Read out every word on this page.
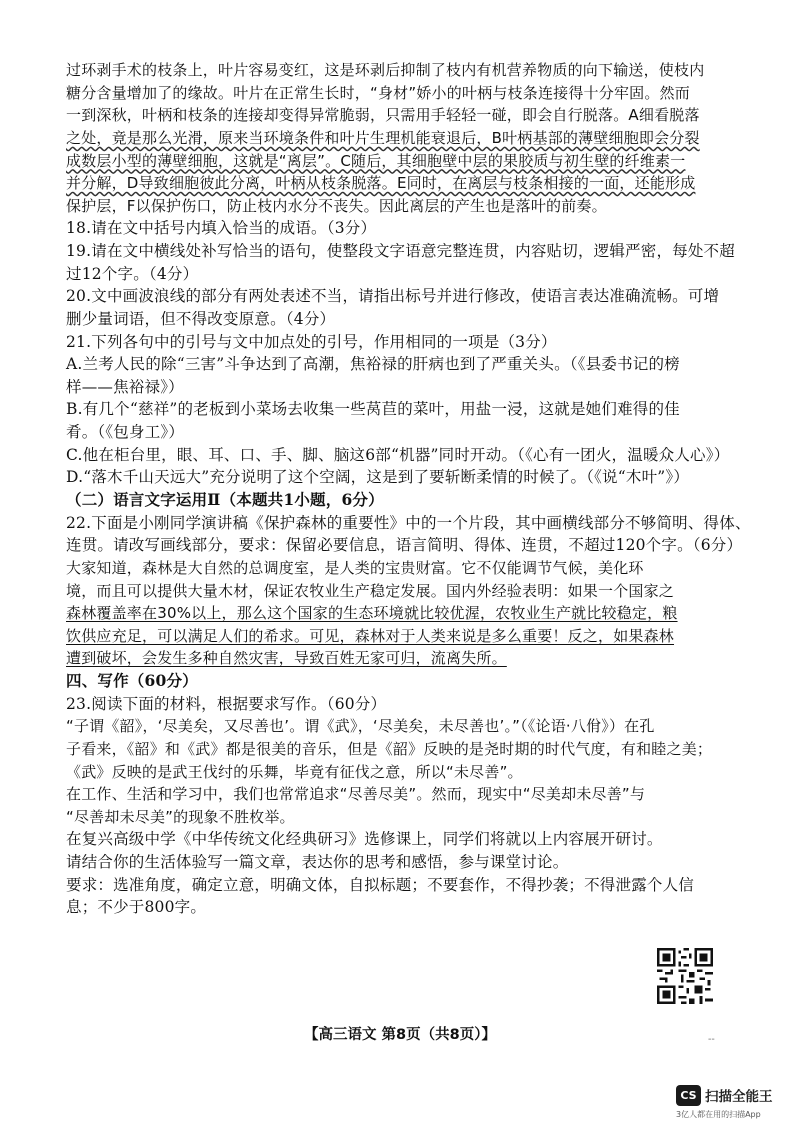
过环剥手术的枝条上，叶片容易变红，这是环剥后抑制了枝内有机营养物质的向下输送，使枝内
糖分含量增加了的缘故。叶片在正常生长时，“身材”娇小的叶柄与枝条连接得十分牢固。然而
一到深秋，叶柄和枝条的连接却变得异常脆弱，只需用手轻轻一碰，即会自行脱落。A细看脱落
之处，竟是那么光滑，原来当环境条件和叶片生理机能衰退后，B叶柄基部的薄壁细胞即会分裂
成数层小型的薄壁细胞，这就是“离层”。C随后，其细胞壁中层的果胶质与初生壁的纤维素一
并分解，D导致细胞彼此分离，叶柄从枝条脱落。E同时，在离层与枝条相接的一面，还能形成
保护层，F以保护伤口，防止枝内水分不丧失。因此离层的产生也是落叶的前奏。
18.请在文中括号内填入恰当的成语。（3分）
19.请在文中横线处补写恰当的语句，使整段文字语意完整连贯，内容贴切，逻辑严密，每处不超
过12个字。（4分）
20.文中画波浪线的部分有两处表述不当，请指出标号并进行修改，使语言表达准确流畅。可增
删少量词语，但不得改变原意。（4分）
21.下列各句中的引号与文中加点处的引号，作用相同的一项是（3分）
A.兰考人民的除“三害”斗争达到了高潮，焦裕禄的肝病也到了严重关头。（《县委书记的榜
样——焦裕禄》）
B.有几个“慈祥”的老板到小菜场去收集一些莴苣的菜叶，用盐一浸，这就是她们难得的佳
肴。（《包身工》）
C.他在柜台里，眼、耳、口、手、脚、脑这6部“机器”同时开动。（《心有一团火，温暖众人心》）
D.“落木千山天远大”充分说明了这个空阔，这是到了要斩断柔情的时候了。（《说“木叶”》）
（二）语言文字运用Ⅱ（本题共1小题，6分）
22.下面是小刚同学演讲稿《保护森林的重要性》中的一个片段，其中画横线部分不够简明、得体、
连贯。请改写画线部分，要求：保留必要信息，语言简明、得体、连贯，不超过120个字。（6分）
大家知道，森林是大自然的总调度室，是人类的宝贵财富。它不仅能调节气候，美化环
境，而且可以提供大量木材，保证农牧业生产稳定发展。国内外经验表明：如果一个国家之
森林覆盖率在30%以上，那么这个国家的生态环境就比较优渥，农牧业生产就比较稳定，粮
饮供应充足，可以满足人们的希求。可见，森林对于人类来说是多么重要！反之，如果森林
遭到破坏，会发生多种自然灾害，导致百姓无家可归，流离失所。
四、写作（60分）
23.阅读下面的材料，根据要求写作。（60分）
“子谓《韶》，‘尽美矣，又尽善也’。谓《武》，‘尽美矣，未尽善也’。”（《论语·八佾》）在孔
子看来，《韶》和《武》都是很美的音乐，但是《韶》反映的是尧时期的时代气度，有和睦之美；
《武》反映的是武王伐纣的乐舞，毕竟有征伐之意，所以“未尽善”。
在工作、生活和学习中，我们也常常追求“尽善尽美”。然而，现实中“尽美却未尽善”与
“尽善却未尽美”的现象不胜枚举。
在复兴高级中学《中华传统文化经典研习》选修课上，同学们将就以上内容展开研讨。
请结合你的生活体验写一篇文章，表达你的思考和感悟，参与课堂讨论。
要求：选准角度，确定立意，明确文体，自拟标题；不要套作，不得抄袭；不得泄露个人信
息；不少于800字。
--
【高三语文 第8页（共8页）】
CS 扫描全能王
3亿人都在用的扫描App
